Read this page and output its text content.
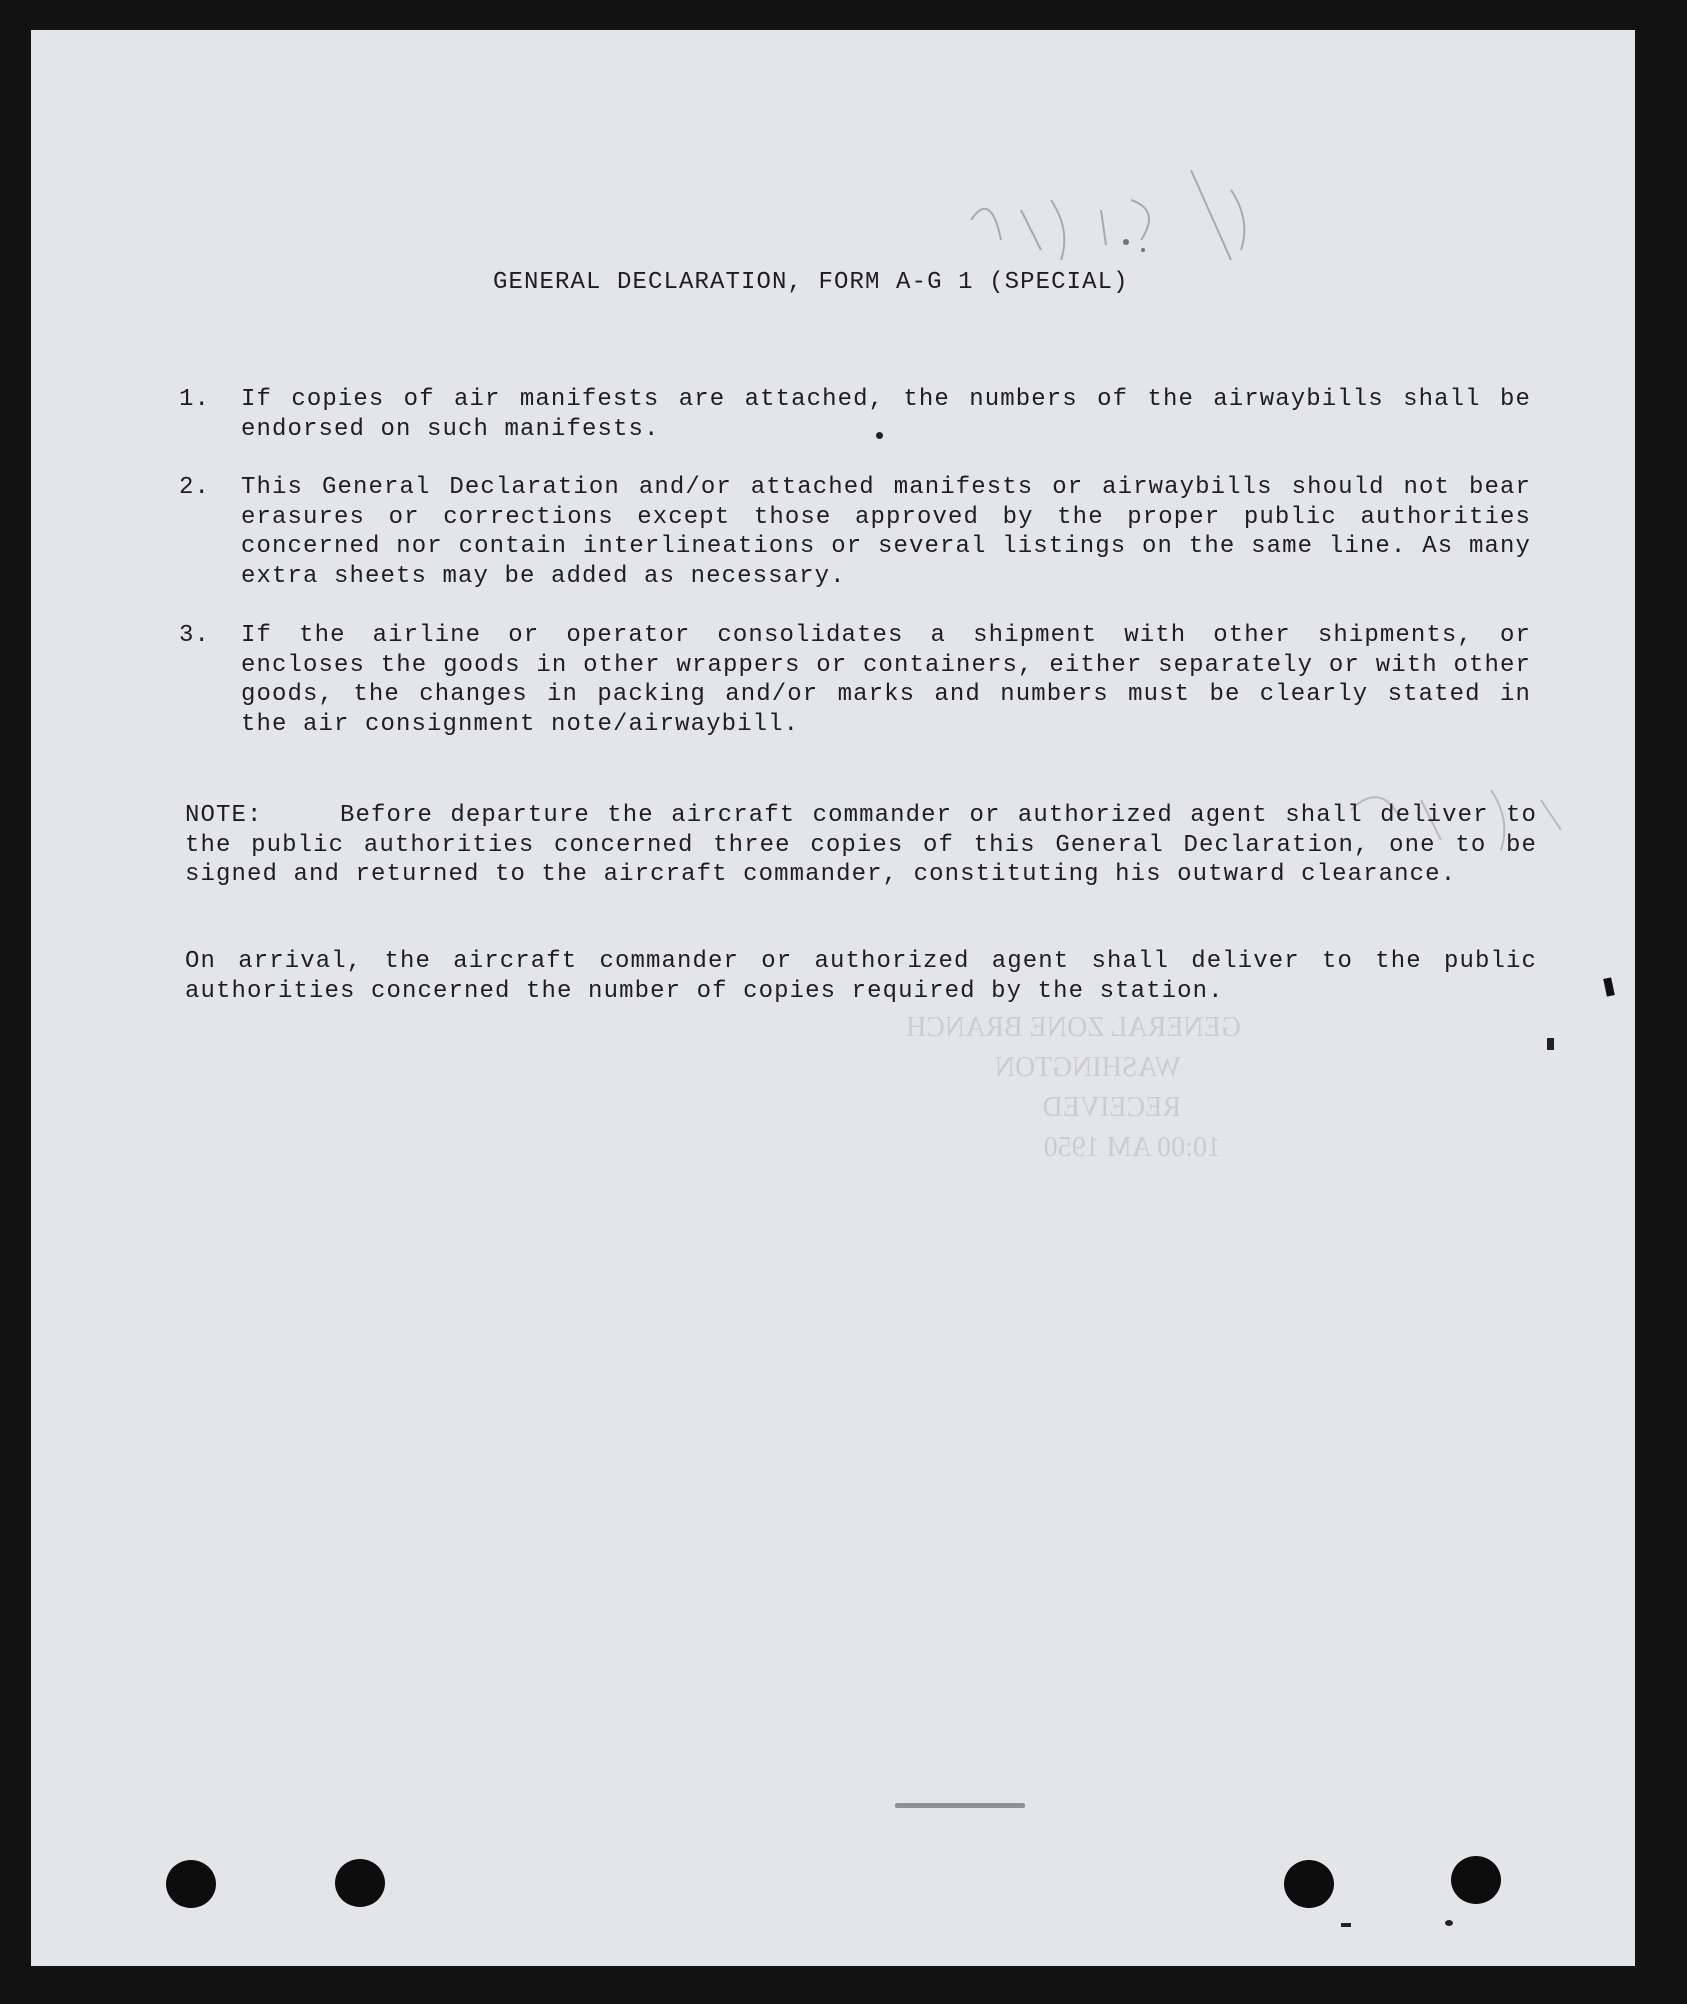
GENERAL ZONE BRANCH
WASHINGTON
RECEIVED
10:00 AM 1950
GENERAL DECLARATION, FORM A-G 1 (SPECIAL)
1. If copies of air manifests are attached, the numbers of the airwaybills shall be endorsed on such manifests.
2. This General Declaration and/or attached manifests or airwaybills should not bear erasures or corrections except those approved by the proper public authorities concerned nor contain interlineations or several listings on the same line. As many extra sheets may be added as necessary.
3. If the airline or operator consolidates a shipment with other shipments, or encloses the goods in other wrappers or containers, either separately or with other goods, the changes in packing and/or marks and numbers must be clearly stated in the air consignment note/airwaybill.
NOTE:	Before departure the aircraft commander or authorized agent shall deliver to the public authorities concerned three copies of this General Declaration, one to be signed and returned to the aircraft commander, constituting his outward clearance.
On arrival, the aircraft commander or authorized agent shall deliver to the public authorities concerned the number of copies required by the station.
